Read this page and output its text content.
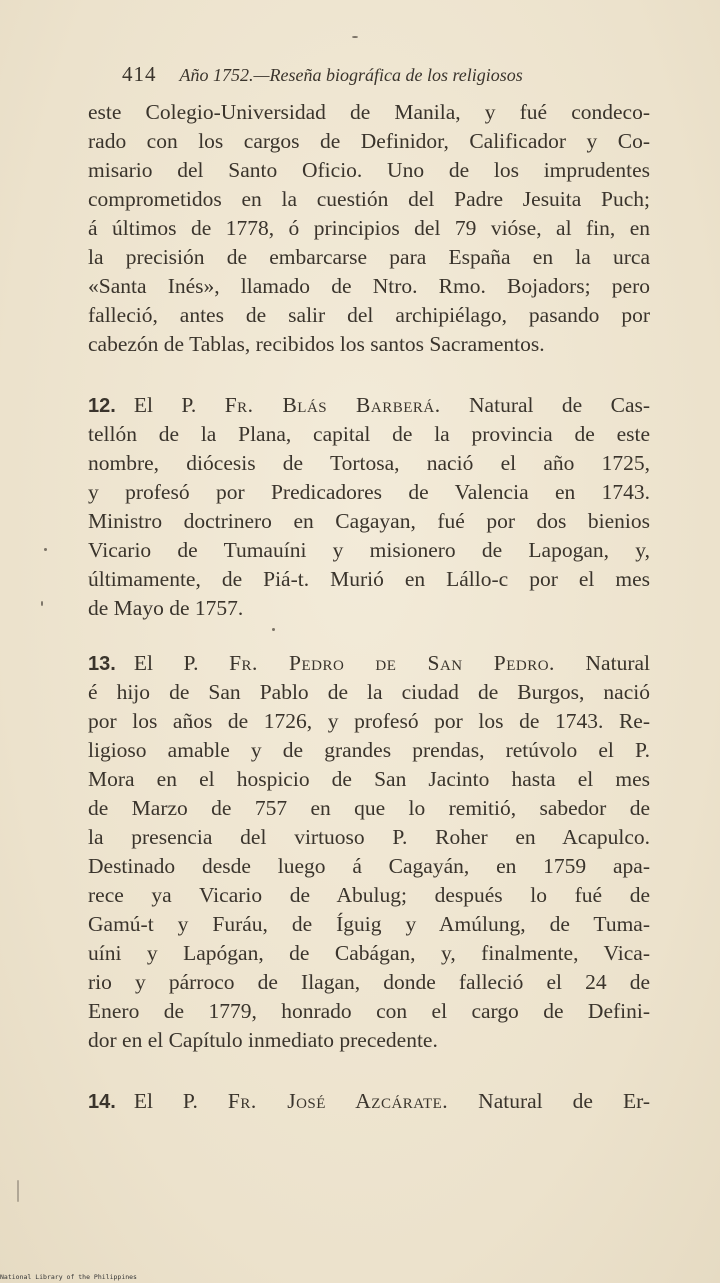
414 Año 1752.—Reseña biográfica de los religiosos
este Colegio-Universidad de Manila, y fué condeco-
rado con los cargos de Definidor, Calificador y Co-
misario del Santo Oficio. Uno de los imprudentes
comprometidos en la cuestión del Padre Jesuita Puch;
á últimos de 1778, ó principios del 79 vióse, al fin, en
la precisión de embarcarse para España en la urca
«Santa Inés», llamado de Ntro. Rmo. Bojadors; pero
falleció, antes de salir del archipiélago, pasando por
cabezón de Tablas, recibidos los santos Sacramentos.
12. El P. Fr. Blás Barberá. Natural de Cas-
tellón de la Plana, capital de la provincia de este
nombre, diócesis de Tortosa, nació el año 1725,
y profesó por Predicadores de Valencia en 1743.
Ministro doctrinero en Cagayan, fué por dos bienios
Vicario de Tumauíni y misionero de Lapogan, y,
últimamente, de Piá-t. Murió en Lállo-c por el mes
de Mayo de 1757.
13. El P. Fr. Pedro de San Pedro. Natural
é hijo de San Pablo de la ciudad de Burgos, nació
por los años de 1726, y profesó por los de 1743. Re-
ligioso amable y de grandes prendas, retúvolo el P.
Mora en el hospicio de San Jacinto hasta el mes
de Marzo de 757 en que lo remitió, sabedor de
la presencia del virtuoso P. Roher en Acapulco.
Destinado desde luego á Cagayán, en 1759 apa-
rece ya Vicario de Abulug; después lo fué de
Gamú-t y Furáu, de Íguig y Amúlung, de Tuma-
uíni y Lapógan, de Cabágan, y, finalmente, Vica-
rio y párroco de Ilagan, donde falleció el 24 de
Enero de 1779, honrado con el cargo de Defini-
dor en el Capítulo inmediato precedente.
14. El P. Fr. José Azcárate. Natural de Er-
National Library of the Philippines
